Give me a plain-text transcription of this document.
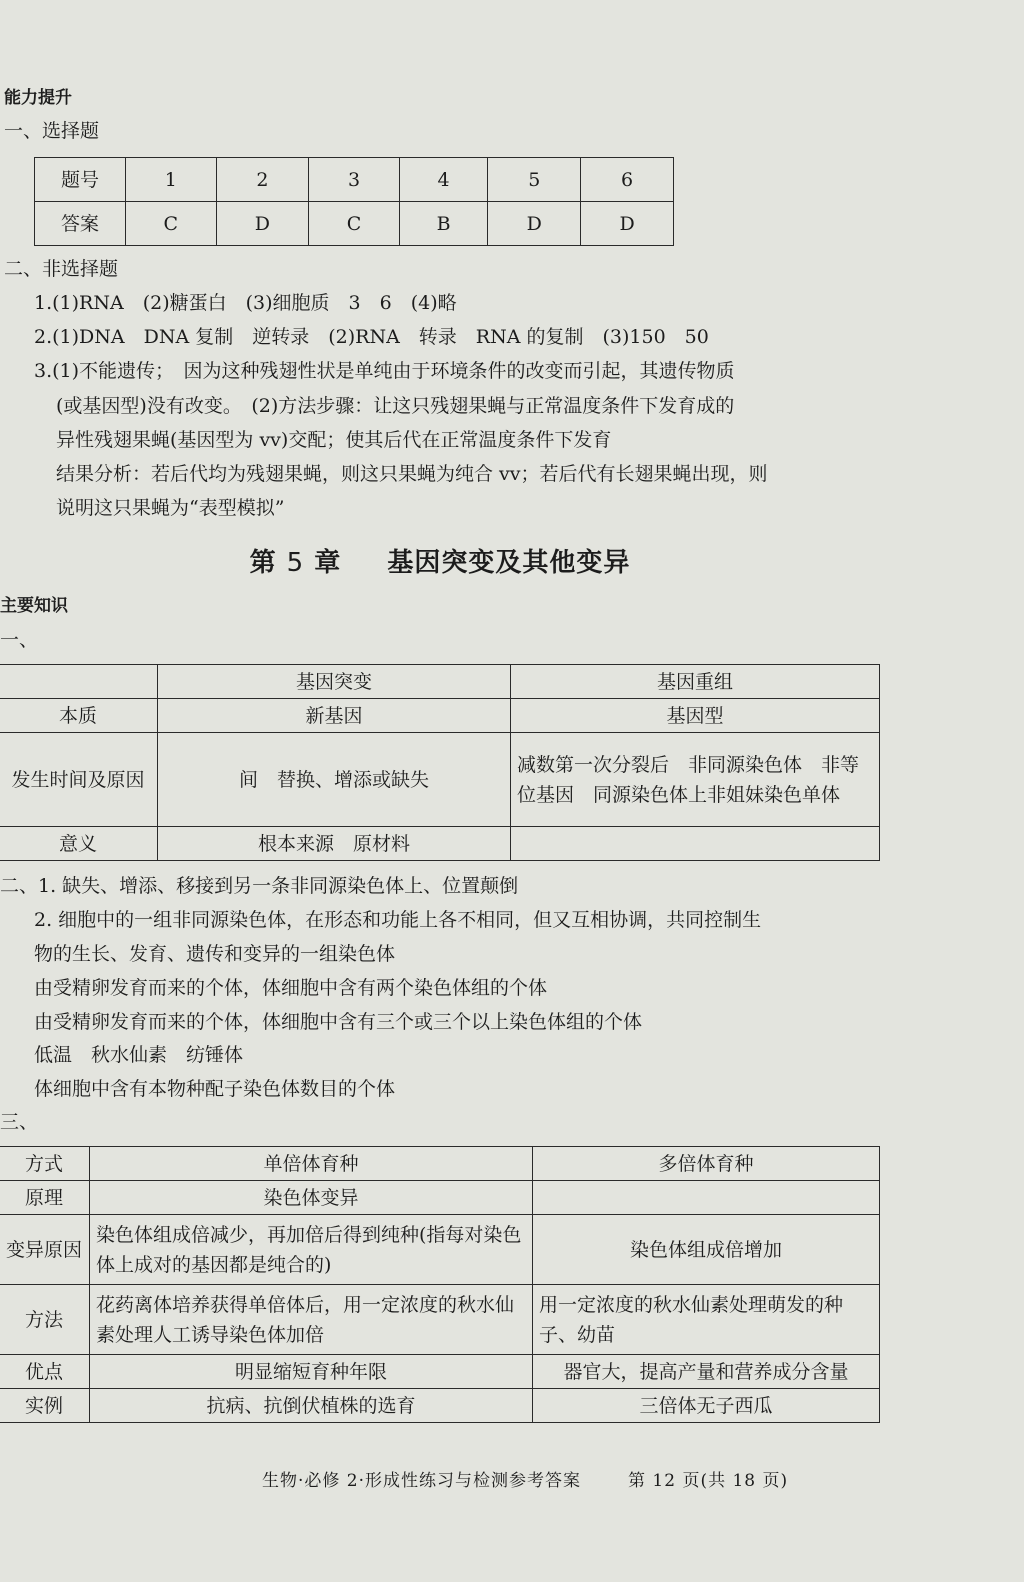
能力提升
一、选择题
题号	1	2	3	4	5	6
答案	C	D	C	B	D	D
二、非选择题
1.(1)RNA　(2)糖蛋白　(3)细胞质　3　6　(4)略
2.(1)DNA　DNA 复制　逆转录　(2)RNA　转录　RNA 的复制　(3)150　50
3.(1)不能遗传；　因为这种残翅性状是单纯由于环境条件的改变而引起，其遗传物质
(或基因型)没有改变。　(2)方法步骤：让这只残翅果蝇与正常温度条件下发育成的
异性残翅果蝇(基因型为 vv)交配；使其后代在正常温度条件下发育
结果分析：若后代均为残翅果蝇，则这只果蝇为纯合 vv；若后代有长翅果蝇出现，则
说明这只果蝇为“表型模拟”
第 5 章 基因突变及其他变异
主要知识
一、
	基因突变	基因重组
本质	新基因	基因型
发生时间及原因	间　替换、增添或缺失	减数第一次分裂后　非同源染色体　非等位基因　同源染色体上非姐妹染色单体
意义	根本来源　原材料	
二、1. 缺失、增添、移接到另一条非同源染色体上、位置颠倒
2. 细胞中的一组非同源染色体，在形态和功能上各不相同，但又互相协调，共同控制生
物的生长、发育、遗传和变异的一组染色体
由受精卵发育而来的个体，体细胞中含有两个染色体组的个体
由受精卵发育而来的个体，体细胞中含有三个或三个以上染色体组的个体
低温　秋水仙素　纺锤体
体细胞中含有本物种配子染色体数目的个体
三、
方式	单倍体育种	多倍体育种
原理	染色体变异	
变异原因	染色体组成倍减少，再加倍后得到纯种(指每对染色体上成对的基因都是纯合的)	染色体组成倍增加
方法	花药离体培养获得单倍体后，用一定浓度的秋水仙素处理人工诱导染色体加倍	用一定浓度的秋水仙素处理萌发的种子、幼苗
优点	明显缩短育种年限	器官大，提高产量和营养成分含量
实例	抗病、抗倒伏植株的选育	三倍体无子西瓜
生物·必修 2·形成性练习与检测参考答案	第 12 页(共 18 页)
